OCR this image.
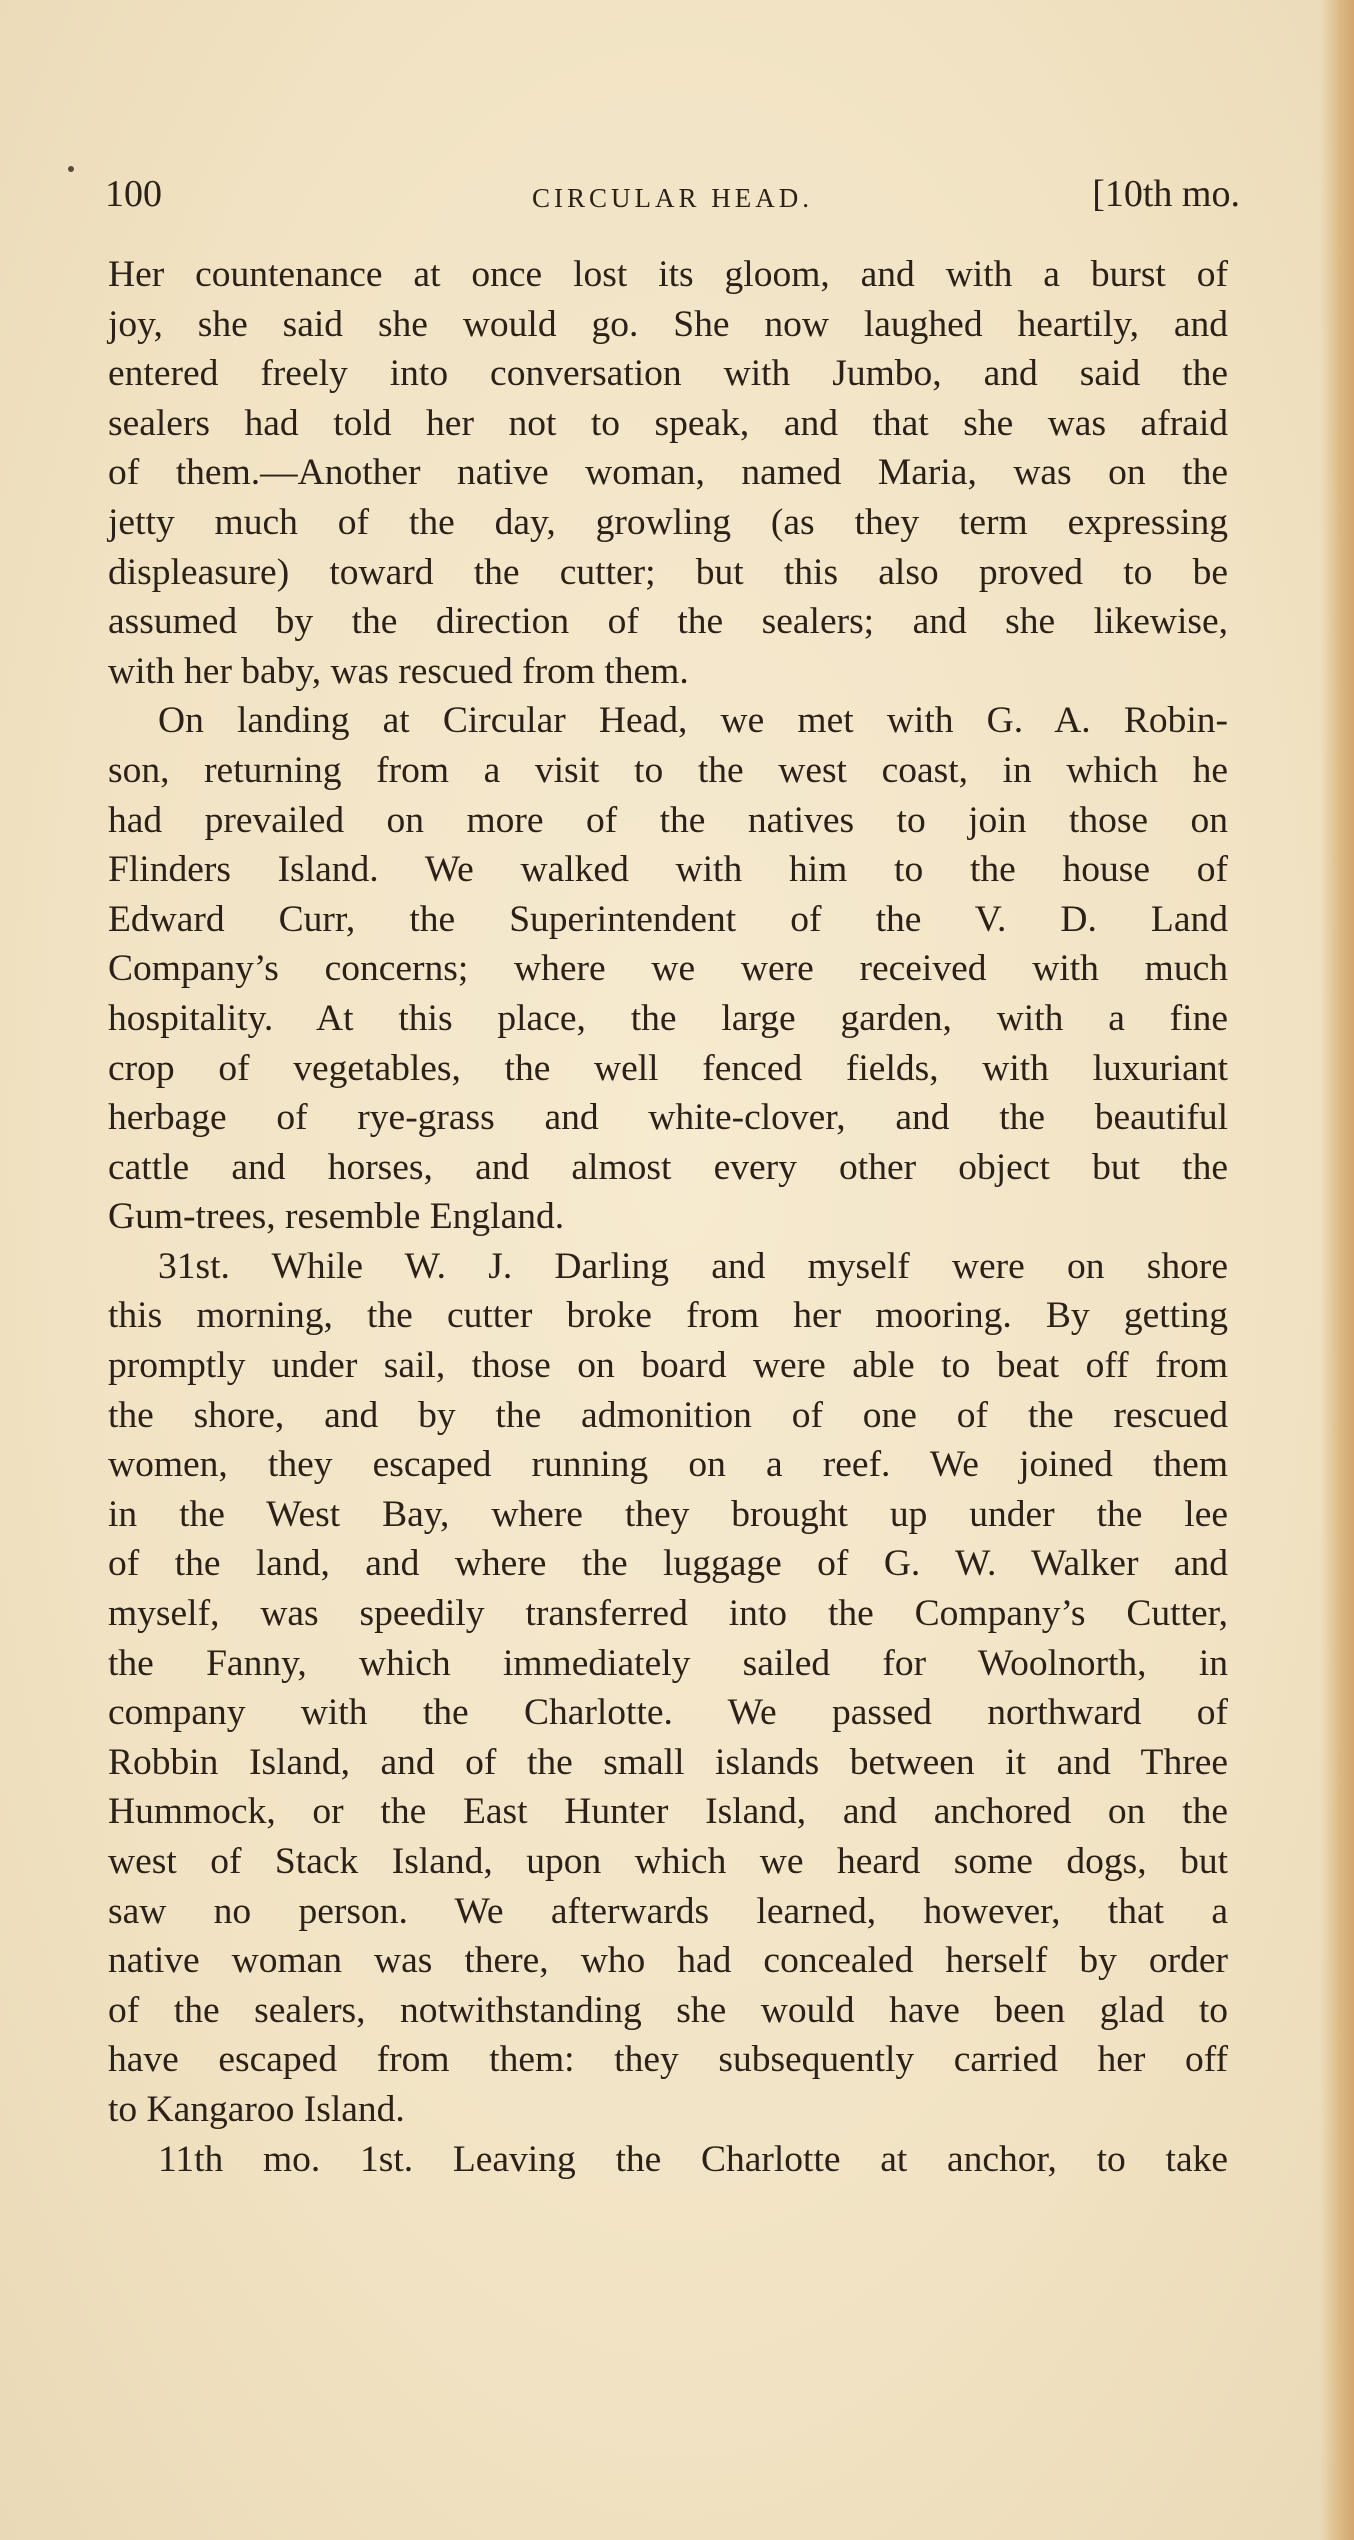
100	CIRCULAR HEAD.	[10th mo.
Her countenance at once lost its gloom, and with a burst of
joy, she said she would go. She now laughed heartily, and
entered freely into conversation with Jumbo, and said the
sealers had told her not to speak, and that she was afraid
of them.—Another native woman, named Maria, was on the
jetty much of the day, growling (as they term expressing
displeasure) toward the cutter; but this also proved to be
assumed by the direction of the sealers; and she likewise,
with her baby, was rescued from them.
On landing at Circular Head, we met with G. A. Robin-
son, returning from a visit to the west coast, in which he
had prevailed on more of the natives to join those on
Flinders Island. We walked with him to the house of
Edward Curr, the Superintendent of the V. D. Land
Company’s concerns; where we were received with much
hospitality. At this place, the large garden, with a fine
crop of vegetables, the well fenced fields, with luxuriant
herbage of rye-grass and white-clover, and the beautiful
cattle and horses, and almost every other object but the
Gum-trees, resemble England.
31st. While W. J. Darling and myself were on shore
this morning, the cutter broke from her mooring. By getting
promptly under sail, those on board were able to beat off from
the shore, and by the admonition of one of the rescued
women, they escaped running on a reef. We joined them
in the West Bay, where they brought up under the lee
of the land, and where the luggage of G. W. Walker and
myself, was speedily transferred into the Company’s Cutter,
the Fanny, which immediately sailed for Woolnorth, in
company with the Charlotte. We passed northward of
Robbin Island, and of the small islands between it and Three
Hummock, or the East Hunter Island, and anchored on the
west of Stack Island, upon which we heard some dogs, but
saw no person. We afterwards learned, however, that a
native woman was there, who had concealed herself by order
of the sealers, notwithstanding she would have been glad to
have escaped from them: they subsequently carried her off
to Kangaroo Island.
11th mo. 1st. Leaving the Charlotte at anchor, to take
